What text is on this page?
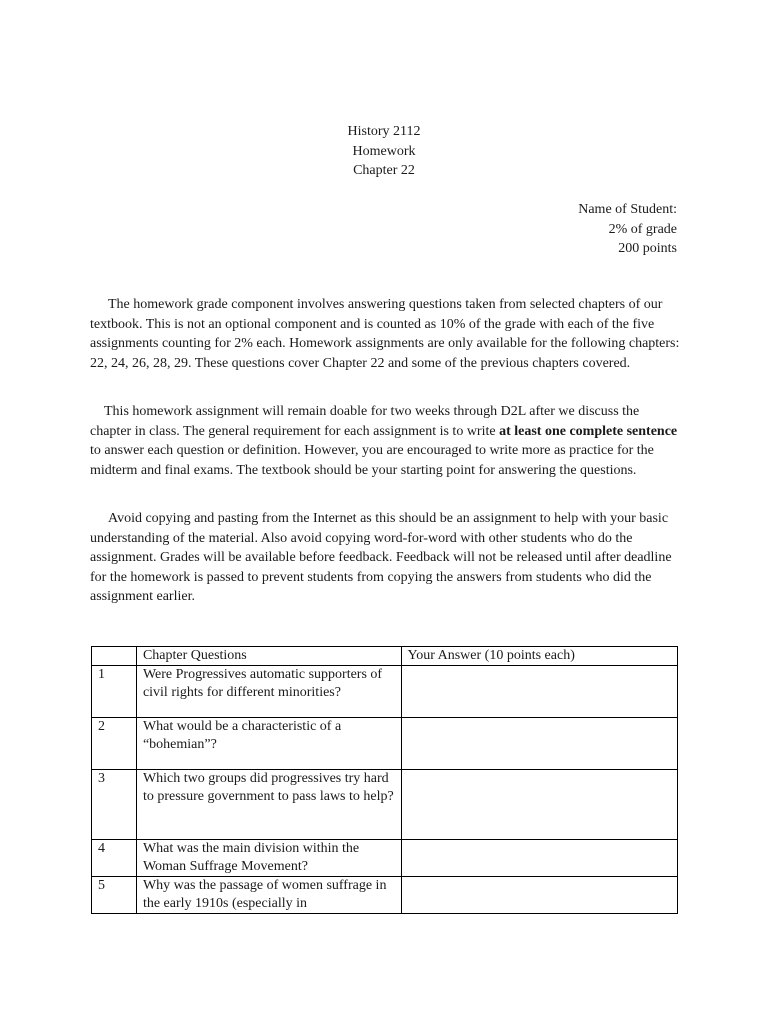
History 2112
Homework
Chapter 22
Name of Student:
2% of grade
200 points

The homework grade component involves answering questions taken from selected chapters of our textbook. This is not an optional component and is counted as 10% of the grade with each of the five assignments counting for 2% each. Homework assignments are only available for the following chapters: 22, 24, 26, 28, 29. These questions cover Chapter 22 and some of the previous chapters covered.

This homework assignment will remain doable for two weeks through D2L after we discuss the chapter in class. The general requirement for each assignment is to write at least one complete sentence to answer each question or definition. However, you are encouraged to write more as practice for the midterm and final exams. The textbook should be your starting point for answering the questions.

Avoid copying and pasting from the Internet as this should be an assignment to help with your basic understanding of the material. Also avoid copying word-for-word with other students who do the assignment. Grades will be available before feedback. Feedback will not be released until after deadline for the homework is passed to prevent students from copying the answers from students who did the assignment earlier.

	Chapter Questions	Your Answer (10 points each)
1	Were Progressives automatic supporters of civil rights for different minorities?	
2	What would be a characteristic of a “bohemian”?	
3	Which two groups did progressives try hard to pressure government to pass laws to help?	
4	What was the main division within the Woman Suffrage Movement?	
5	Why was the passage of women suffrage in the early 1910s (especially in	
